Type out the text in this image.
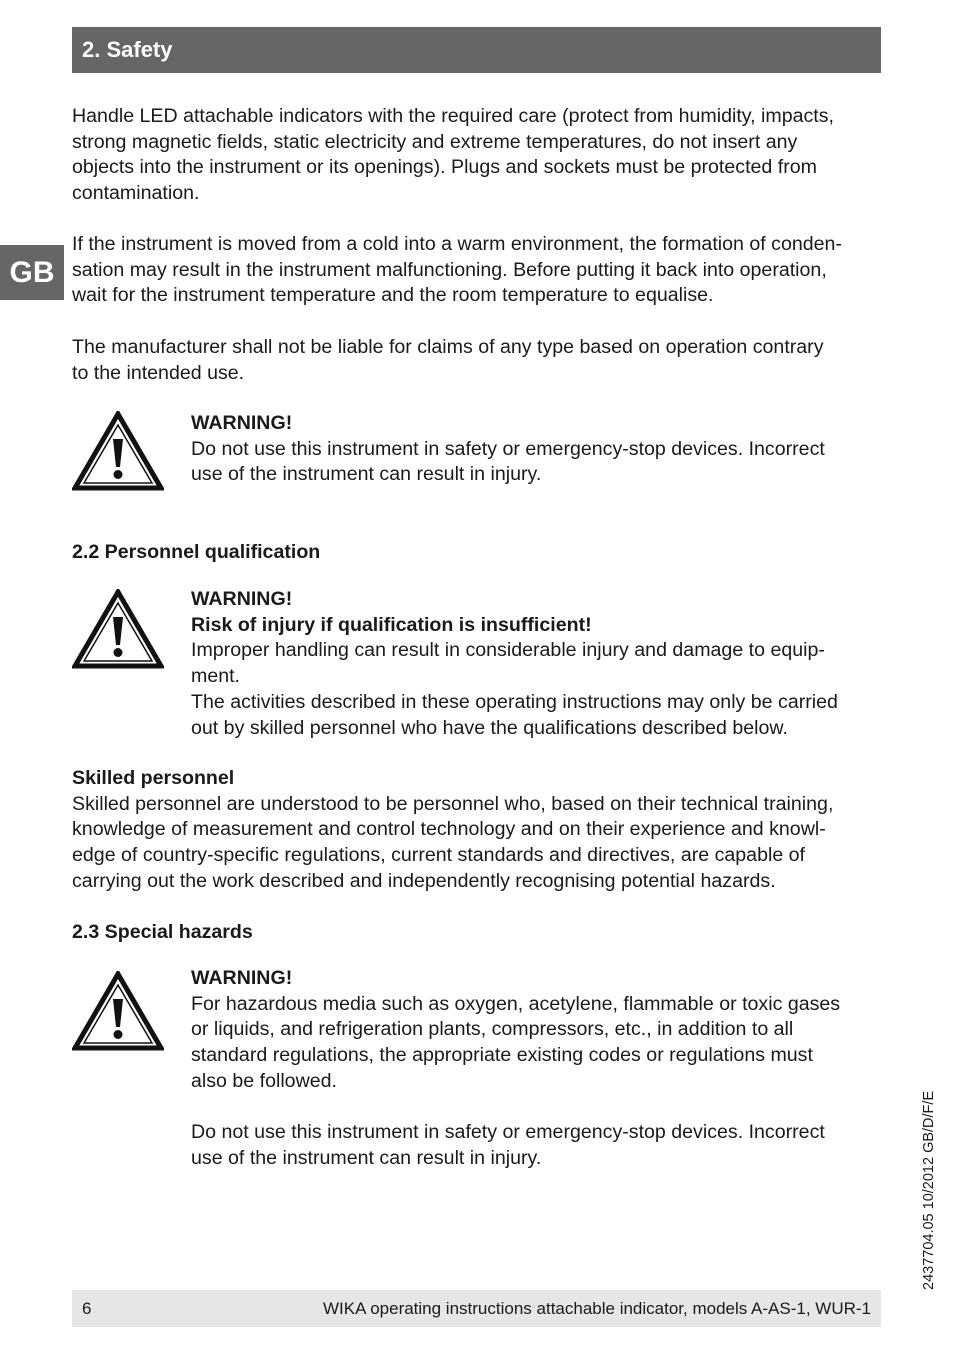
2. Safety
GB

Handle LED attachable indicators with the required care (protect from humidity, impacts,

strong magnetic fields, static electricity and extreme temperatures, do not insert any

objects into the instrument or its openings). Plugs and sockets must be protected from

contamination.

If the instrument is moved from a cold into a warm environment, the formation of conden-

sation may result in the instrument malfunctioning. Before putting it back into operation,

wait for the instrument temperature and the room temperature to equalise.

The manufacturer shall not be liable for claims of any type based on operation contrary

to the intended use.

WARNING!

Do not use this instrument in safety or emergency-stop devices. Incorrect

use of the instrument can result in injury.

2.2 Personnel qualification

WARNING!

Risk of injury if qualification is insufficient!

Improper handling can result in considerable injury and damage to equip-

ment.

The activities described in these operating instructions may only be carried

out by skilled personnel who have the qualifications described below.

Skilled personnel

Skilled personnel are understood to be personnel who, based on their technical training,

knowledge of measurement and control technology and on their experience and knowl-

edge of country-specific regulations, current standards and directives, are capable of

carrying out the work described and independently recognising potential hazards.

2.3 Special hazards

WARNING!

For hazardous media such as oxygen, acetylene, flammable or toxic gases

or liquids, and refrigeration plants, compressors, etc., in addition to all

standard regulations, the appropriate existing codes or regulations must

also be followed.

Do not use this instrument in safety or emergency-stop devices. Incorrect

use of the instrument can result in injury.	2437704.05 10/2012 GB/D/F/E
6	WIKA operating instructions attachable indicator, models A-AS-1, WUR-1
